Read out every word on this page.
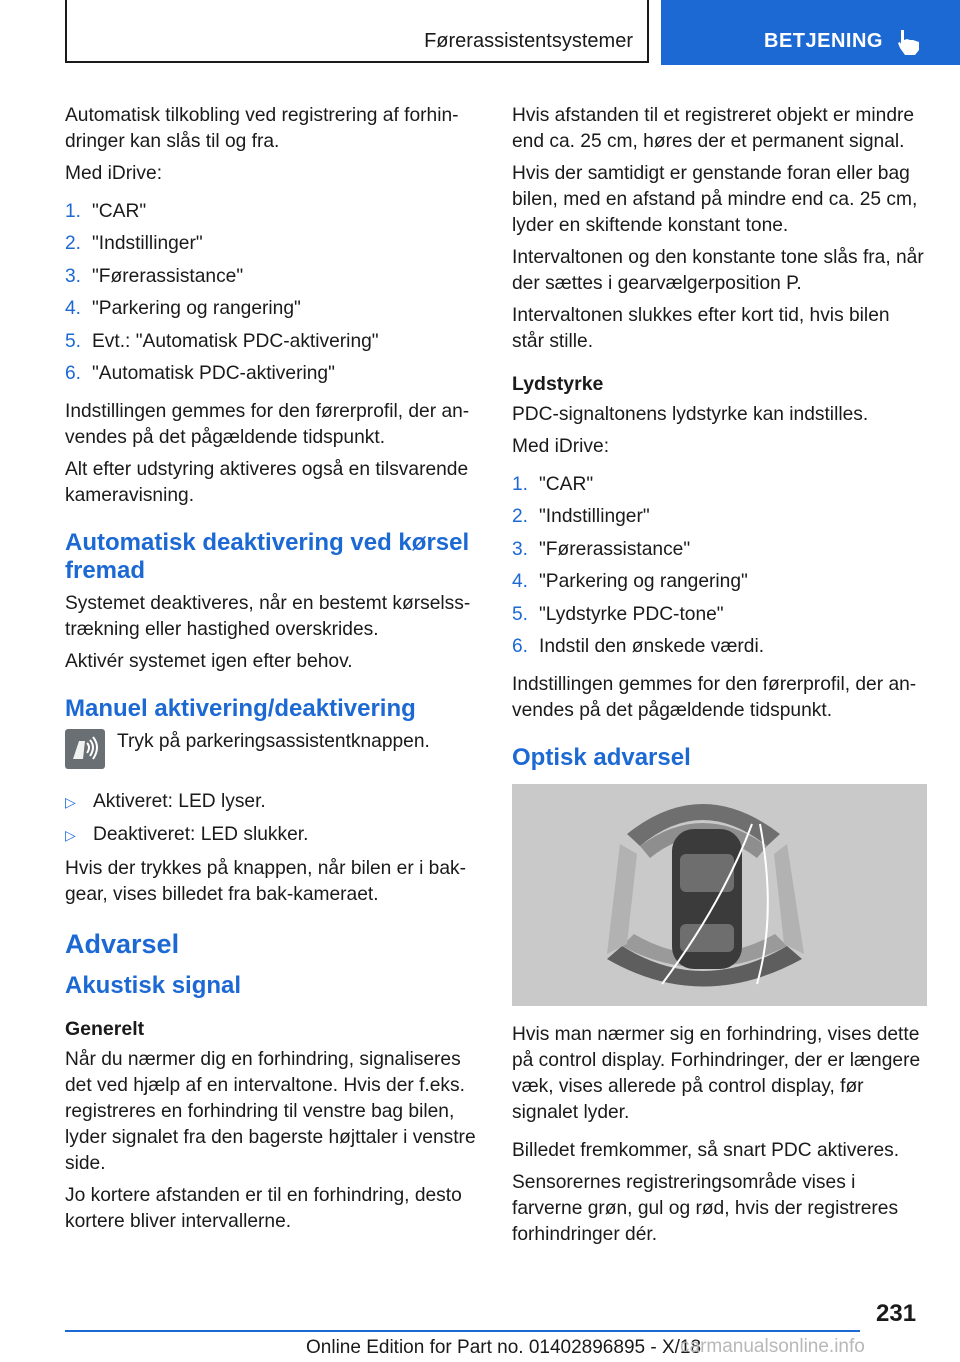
Førerassistentsystemer	BETJENING

Automatisk tilkobling ved registrering af forhindringer kan slås til og fra.

Med iDrive:

1. "CAR"
2. "Indstillinger"
3. "Førerassistance"
4. "Parkering og rangering"
5. Evt.: "Automatisk PDC-aktivering"
6. "Automatisk PDC-aktivering"

Indstillingen gemmes for den førerprofil, der anvendes på det pågældende tidspunkt.

Alt efter udstyring aktiveres også en tilsvarende kameravisning.

Automatisk deaktivering ved kørsel fremad

Systemet deaktiveres, når en bestemt kørselsstrækning eller hastighed overskrides.

Aktivér systemet igen efter behov.

Manuel aktivering/deaktivering
Tryk på parkeringsassistentknappen.
▷ Aktiveret: LED lyser.
▷ Deaktiveret: LED slukker.

Hvis der trykkes på knappen, når bilen er i bakgear, vises billedet fra bak-kameraet.

Advarsel
Akustisk signal
Generelt

Når du nærmer dig en forhindring, signaliseres det ved hjælp af en intervaltone. Hvis der f.eks. registreres en forhindring til venstre bag bilen, lyder signalet fra den bagerste højttaler i venstre side.

Jo kortere afstanden er til en forhindring, desto kortere bliver intervallerne.

Hvis afstanden til et registreret objekt er mindre end ca. 25 cm, høres der et permanent signal.

Hvis der samtidigt er genstande foran eller bag bilen, med en afstand på mindre end ca. 25 cm, lyder en skiftende konstant tone.

Intervaltonen og den konstante tone slås fra, når der sættes i gearvælgerposition P.

Intervaltonen slukkes efter kort tid, hvis bilen står stille.

Lydstyrke

PDC-signaltonens lydstyrke kan indstilles.

Med iDrive:

1. "CAR"
2. "Indstillinger"
3. "Førerassistance"
4. "Parkering og rangering"
5. "Lydstyrke PDC-tone"
6. Indstil den ønskede værdi.

Indstillingen gemmes for den førerprofil, der anvendes på det pågældende tidspunkt.

Optisk advarsel

Hvis man nærmer sig en forhindring, vises dette på control display. Forhindringer, der er længere væk, vises allerede på control display, før signalet lyder.

Billedet fremkommer, så snart PDC aktiveres.

Sensorernes registreringsområde vises i farverne grøn, gul og rød, hvis der registreres forhindringer dér.

231
Online Edition for Part no. 01402896895 - X/18
carmanualsonline.info
